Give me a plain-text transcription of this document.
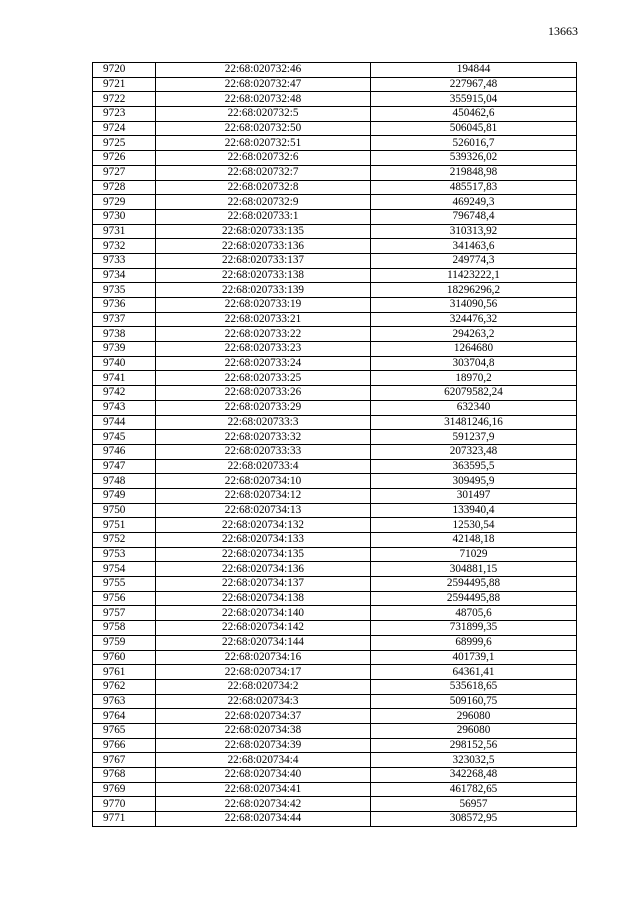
13663
9720	22:68:020732:46	194844
9721	22:68:020732:47	227967,48
9722	22:68:020732:48	355915,04
9723	22:68:020732:5	450462,6
9724	22:68:020732:50	506045,81
9725	22:68:020732:51	526016,7
9726	22:68:020732:6	539326,02
9727	22:68:020732:7	219848,98
9728	22:68:020732:8	485517,83
9729	22:68:020732:9	469249,3
9730	22:68:020733:1	796748,4
9731	22:68:020733:135	310313,92
9732	22:68:020733:136	341463,6
9733	22:68:020733:137	249774,3
9734	22:68:020733:138	11423222,1
9735	22:68:020733:139	18296296,2
9736	22:68:020733:19	314090,56
9737	22:68:020733:21	324476,32
9738	22:68:020733:22	294263,2
9739	22:68:020733:23	1264680
9740	22:68:020733:24	303704,8
9741	22:68:020733:25	18970,2
9742	22:68:020733:26	62079582,24
9743	22:68:020733:29	632340
9744	22:68:020733:3	31481246,16
9745	22:68:020733:32	591237,9
9746	22:68:020733:33	207323,48
9747	22:68:020733:4	363595,5
9748	22:68:020734:10	309495,9
9749	22:68:020734:12	301497
9750	22:68:020734:13	133940,4
9751	22:68:020734:132	12530,54
9752	22:68:020734:133	42148,18
9753	22:68:020734:135	71029
9754	22:68:020734:136	304881,15
9755	22:68:020734:137	2594495,88
9756	22:68:020734:138	2594495,88
9757	22:68:020734:140	48705,6
9758	22:68:020734:142	731899,35
9759	22:68:020734:144	68999,6
9760	22:68:020734:16	401739,1
9761	22:68:020734:17	64361,41
9762	22:68:020734:2	535618,65
9763	22:68:020734:3	509160,75
9764	22:68:020734:37	296080
9765	22:68:020734:38	296080
9766	22:68:020734:39	298152,56
9767	22:68:020734:4	323032,5
9768	22:68:020734:40	342268,48
9769	22:68:020734:41	461782,65
9770	22:68:020734:42	56957
9771	22:68:020734:44	308572,95
